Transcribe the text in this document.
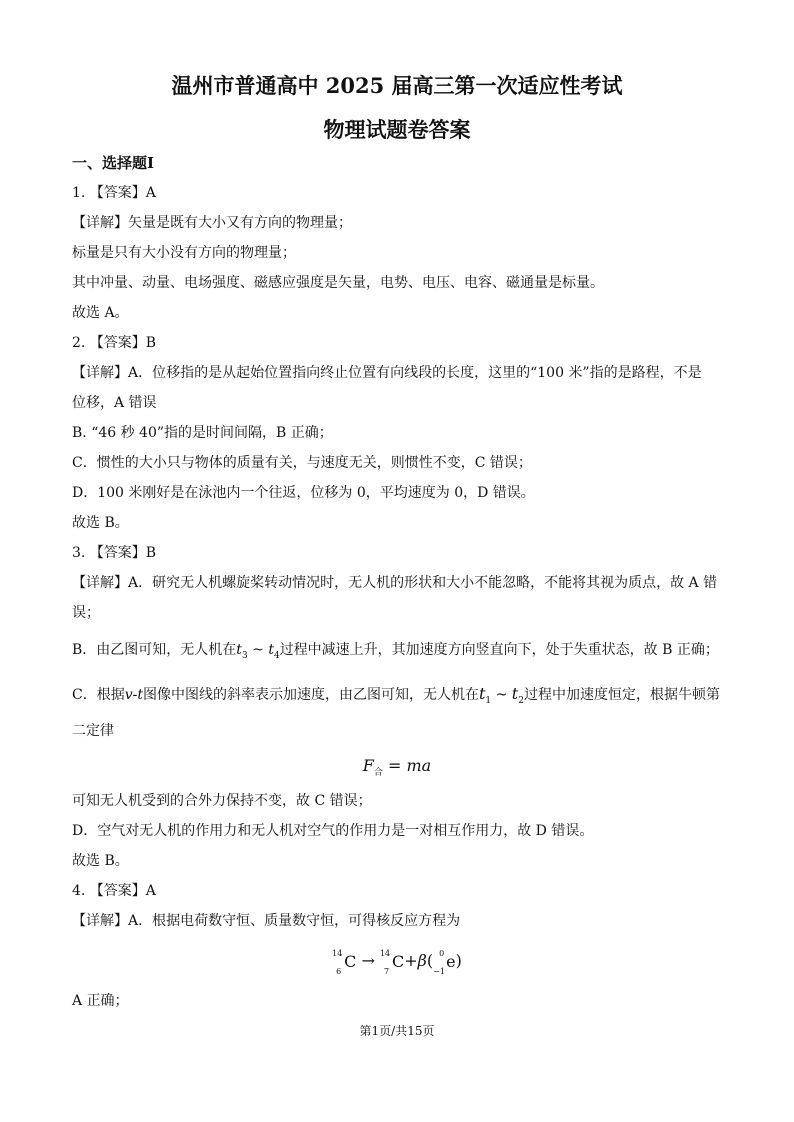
温州市普通高中 2025 届高三第一次适应性考试
物理试题卷答案

一、选择题Ⅰ

1. 【答案】A

【详解】矢量是既有大小又有方向的物理量；

标量是只有大小没有方向的物理量；

其中冲量、动量、电场强度、磁感应强度是矢量，电势、电压、电容、磁通量是标量。

故选 A。

2. 【答案】B

【详解】A．位移指的是从起始位置指向终止位置有向线段的长度，这里的“100 米”指的是路程，不是

位移，A 错误

B. “46 秒 40”指的是时间间隔，B 正确；

C．惯性的大小只与物体的质量有关，与速度无关，则惯性不变，C 错误；

D．100 米刚好是在泳池内一个往返，位移为 0，平均速度为 0，D 错误。

故选 B。

3. 【答案】B

【详解】A．研究无人机螺旋桨转动情况时，无人机的形状和大小不能忽略，不能将其视为质点，故 A 错

误；

B．由乙图可知，无人机在$t_3$ ~ $t_4$过程中减速上升，其加速度方向竖直向下，处于失重状态，故 B 正确；

C．根据v-t图像中图线的斜率表示加速度，由乙图可知，无人机在$t_1$ ~ $t_2$过程中加速度恒定，根据牛顿第

二定律

$F_合$ = ma

可知无人机受到的合外力保持不变，故 C 错误；

D．空气对无人机的作用力和无人机对空气的作用力是一对相互作用力，故 D 错误。

故选 B。

4. 【答案】A

【详解】A．根据电荷数守恒、质量数守恒，可得核反应方程为

14
6
C → 14
7
C+β( 0
−1
e)

A 正确；

第1页/共15页
